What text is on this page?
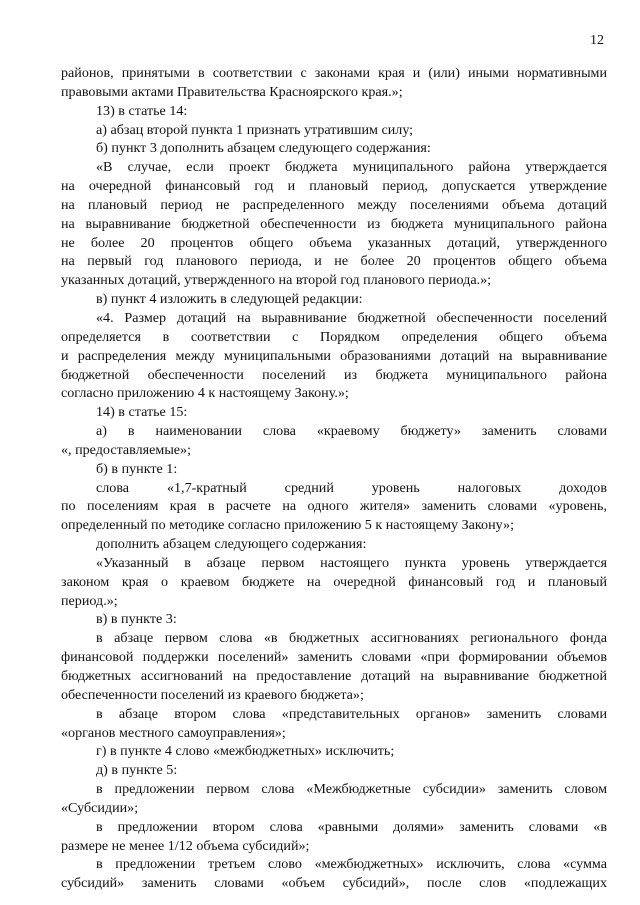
12
районов, принятыми в соответствии с законами края и (или) иными нормативными
правовыми актами Правительства Красноярского края.»;
13) в статье 14:
а) абзац второй пункта 1 признать утратившим силу;
б) пункт 3 дополнить абзацем следующего содержания:
«В случае, если проект бюджета муниципального района утверждается
на очередной финансовый год и плановый период, допускается утверждение
на плановый период не распределенного между поселениями объема дотаций
на выравнивание бюджетной обеспеченности из бюджета муниципального района
не более 20 процентов общего объема указанных дотаций, утвержденного
на первый год планового периода, и не более 20 процентов общего объема
указанных дотаций, утвержденного на второй год планового периода.»;
в) пункт 4 изложить в следующей редакции:
«4. Размер дотаций на выравнивание бюджетной обеспеченности поселений
определяется в соответствии с Порядком определения общего объема
и распределения между муниципальными образованиями дотаций на выравнивание
бюджетной обеспеченности поселений из бюджета муниципального района
согласно приложению 4 к настоящему Закону.»;
14) в статье 15:
а) в наименовании слова «краевому бюджету» заменить словами
«, предоставляемые»;
б) в пункте 1:
слова «1,7-кратный средний уровень налоговых доходов
по поселениям края в расчете на одного жителя» заменить словами «уровень,
определенный по методике согласно приложению 5 к настоящему Закону»;
дополнить абзацем следующего содержания:
«Указанный в абзаце первом настоящего пункта уровень утверждается
законом края о краевом бюджете на очередной финансовый год и плановый
период.»;
в) в пункте 3:
в абзаце первом слова «в бюджетных ассигнованиях регионального фонда
финансовой поддержки поселений» заменить словами «при формировании объемов
бюджетных ассигнований на предоставление дотаций на выравнивание бюджетной
обеспеченности поселений из краевого бюджета»;
в абзаце втором слова «представительных органов» заменить словами
«органов местного самоуправления»;
г) в пункте 4 слово «межбюджетных» исключить;
д) в пункте 5:
в предложении первом слова «Межбюджетные субсидии» заменить словом
«Субсидии»;
в предложении втором слова «равными долями» заменить словами «в
размере не менее 1/12 объема субсидий»;
в предложении третьем слово «межбюджетных» исключить, слова «сумма
субсидий» заменить словами «объем субсидий», после слов «подлежащих
